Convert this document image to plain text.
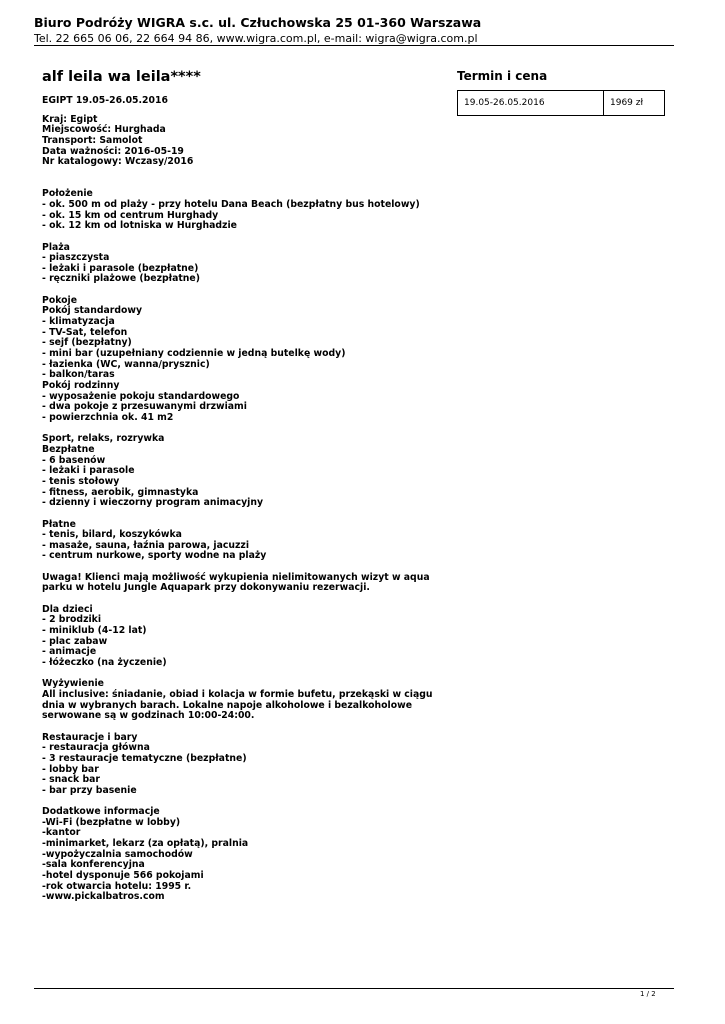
Biuro Podróży WIGRA s.c. ul. Człuchowska 25 01-360 Warszawa
Tel. 22 665 06 06, 22 664 94 86, www.wigra.com.pl, e-mail: wigra@wigra.com.pl
alf leila wa leila****	Termin i cena
19.05-26.05.2016	1969 zł
EGIPT 19.05-26.05.2016
Kraj: Egipt
Miejscowość: Hurghada
Transport: Samolot
Data ważności: 2016-05-19
Nr katalogowy: Wczasy/2016
Położenie
- ok. 500 m od plaży - przy hotelu Dana Beach (bezpłatny bus hotelowy)
- ok. 15 km od centrum Hurghady
- ok. 12 km od lotniska w Hurghadzie
Plaża
- piaszczysta
- leżaki i parasole (bezpłatne)
- ręczniki plażowe (bezpłatne)
Pokoje
Pokój standardowy
- klimatyzacja
- TV-Sat, telefon
- sejf (bezpłatny)
- mini bar (uzupełniany codziennie w jedną butelkę wody)
- łazienka (WC, wanna/prysznic)
- balkon/taras
Pokój rodzinny
- wyposażenie pokoju standardowego
- dwa pokoje z przesuwanymi drzwiami
- powierzchnia ok. 41 m2
Sport, relaks, rozrywka
Bezpłatne
- 6 basenów
- leżaki i parasole
- tenis stołowy
- fitness, aerobik, gimnastyka
- dzienny i wieczorny program animacyjny
Płatne
- tenis, bilard, koszykówka
- masaże, sauna, łaźnia parowa, jacuzzi
- centrum nurkowe, sporty wodne na plaży
Uwaga! Klienci mają możliwość wykupienia nielimitowanych wizyt w aqua parku w hotelu Jungle Aquapark przy dokonywaniu rezerwacji.
Dla dzieci
- 2 brodziki
- miniklub (4-12 lat)
- plac zabaw
- animacje
- łóżeczko (na życzenie)
Wyżywienie
All inclusive: śniadanie, obiad i kolacja w formie bufetu, przekąski w ciągu dnia w wybranych barach. Lokalne napoje alkoholowe i bezalkoholowe serwowane są w godzinach 10:00-24:00.
Restauracje i bary
- restauracja główna
- 3 restauracje tematyczne (bezpłatne)
- lobby bar
- snack bar
- bar przy basenie
Dodatkowe informacje
-Wi-Fi (bezpłatne w lobby)
-kantor
-minimarket, lekarz (za opłatą), pralnia
-wypożyczalnia samochodów
-sala konferencyjna
-hotel dysponuje 566 pokojami
-rok otwarcia hotelu: 1995 r.
-www.pickalbatros.com
1 / 2
